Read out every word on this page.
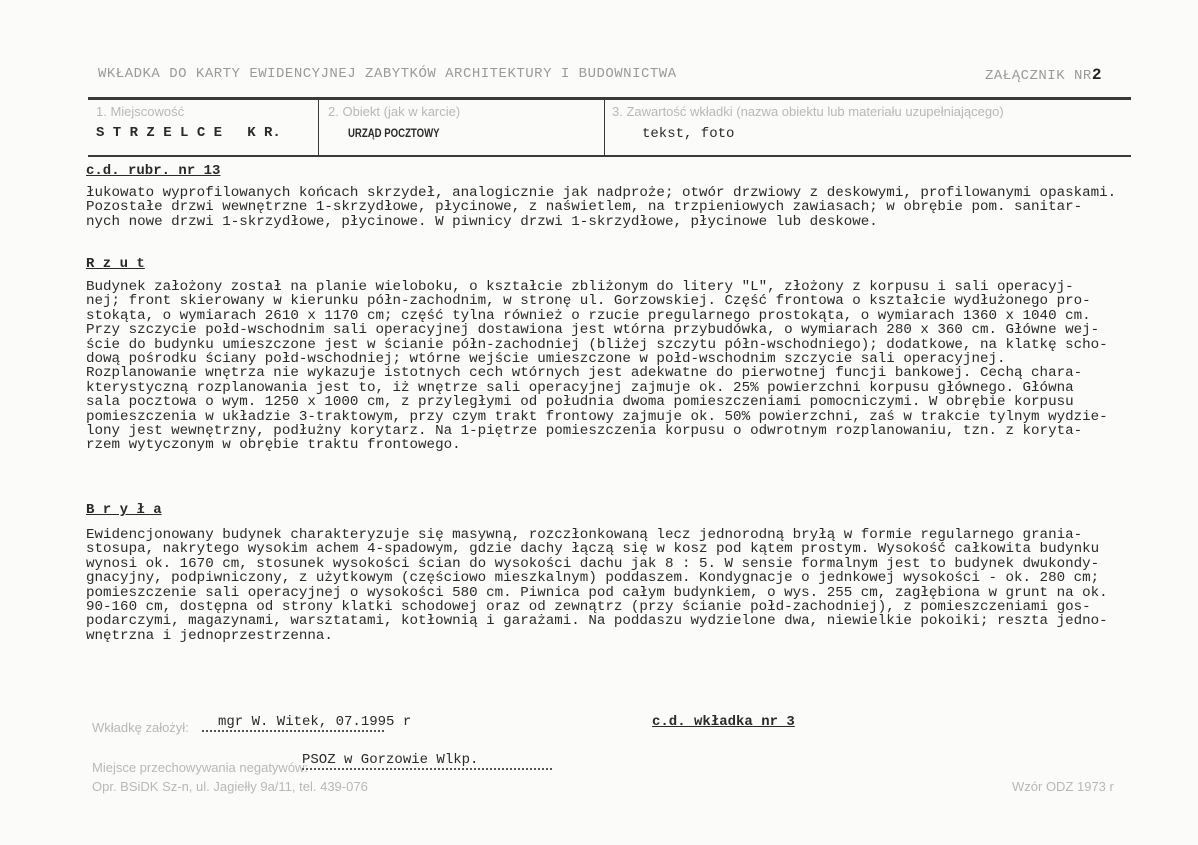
WKŁADKA DO KARTY EWIDENCYJNEJ ZABYTKÓW ARCHITEKTURY I BUDOWNICTWA	ZAŁĄCZNIK NR2
1. Miejscowość
S T R Z E L C E   K R.
2. Obiekt (jak w karcie)
URZĄD POCZTOWY
3. Zawartość wkładki (nazwa obiektu lub materiału uzupełniającego)
tekst, foto
c.d. rubr. nr 13
łukowato wyprofilowanych końcach skrzydeł, analogicznie jak nadproże; otwór drzwiowy z deskowymi, profilowanymi opaskami.
Pozostałe drzwi wewnętrzne 1-skrzydłowe, płycinowe, z naświetlem, na trzpieniowych zawiasach; w obrębie pom. sanitar-
nych nowe drzwi 1-skrzydłowe, płycinowe. W piwnicy drzwi 1-skrzydłowe, płycinowe lub deskowe.
R z u t
Budynek założony został na planie wieloboku, o kształcie zbliżonym do litery "L", złożony z korpusu i sali operacyj-
nej; front skierowany w kierunku półn-zachodnim, w stronę ul. Gorzowskiej. Część frontowa o kształcie wydłużonego pro-
stokąta, o wymiarach 2610 x 1170 cm; część tylna również o rzucie pregularnego prostokąta, o wymiarach 1360 x 1040 cm.
Przy szczycie połd-wschodnim sali operacyjnej dostawiona jest wtórna przybudówka, o wymiarach 280 x 360 cm. Główne wej-
ście do budynku umieszczone jest w ścianie półn-zachodniej (bliżej szczytu półn-wschodniego); dodatkowe, na klatkę scho-
dową pośrodku ściany połd-wschodniej; wtórne wejście umieszczone w połd-wschodnim szczycie sali operacyjnej.
Rozplanowanie wnętrza nie wykazuje istotnych cech wtórnych jest adekwatne do pierwotnej funcji bankowej. Cechą chara-
kterystyczną rozplanowania jest to, iż wnętrze sali operacyjnej zajmuje ok. 25% powierzchni korpusu głównego. Główna
sala pocztowa o wym. 1250 x 1000 cm, z przyległymi od południa dwoma pomieszczeniami pomocniczymi. W obrębie korpusu
pomieszczenia w układzie 3-traktowym, przy czym trakt frontowy zajmuje ok. 50% powierzchni, zaś w trakcie tylnym wydzie-
lony jest wewnętrzny, podłużny korytarz. Na 1-piętrze pomieszczenia korpusu o odwrotnym rozplanowaniu, tzn. z koryta-
rzem wytyczonym w obrębie traktu frontowego.
B r y ł a
Ewidencjonowany budynek charakteryzuje się masywną, rozczłonkowaną lecz jednorodną bryłą w formie regularnego grania-
stosupa, nakrytego wysokim achem 4-spadowym, gdzie dachy łączą się w kosz pod kątem prostym. Wysokość całkowita budynku
wynosi ok. 1670 cm, stosunek wysokości ścian do wysokości dachu jak 8 : 5. W sensie formalnym jest to budynek dwukondy-
gnacyjny, podpiwniczony, z użytkowym (częściowo mieszkalnym) poddaszem. Kondygnacje o jednkowej wysokości - ok. 280 cm;
pomieszczenie sali operacyjnej o wysokości 580 cm. Piwnica pod całym budynkiem, o wys. 255 cm, zagłębiona w grunt na ok.
90-160 cm, dostępna od strony klatki schodowej oraz od zewnątrz (przy ścianie połd-zachodniej), z pomieszczeniami gos-
podarczymi, magazynami, warsztatami, kotłownią i garażami. Na poddaszu wydzielone dwa, niewielkie pokoiki; reszta jedno-
wnętrzna i jednoprzestrzenna.
Wkładkę założył:	mgr W. Witek, 07.1995 r	c.d. wkładka nr 3
Miejsce przechowywania negatywów:
PSOZ w Gorzowie Wlkp.
Opr. BSiDK Sz-n, ul. Jagiełły 9a/11, tel. 439-076	Wzór ODZ 1973 r
